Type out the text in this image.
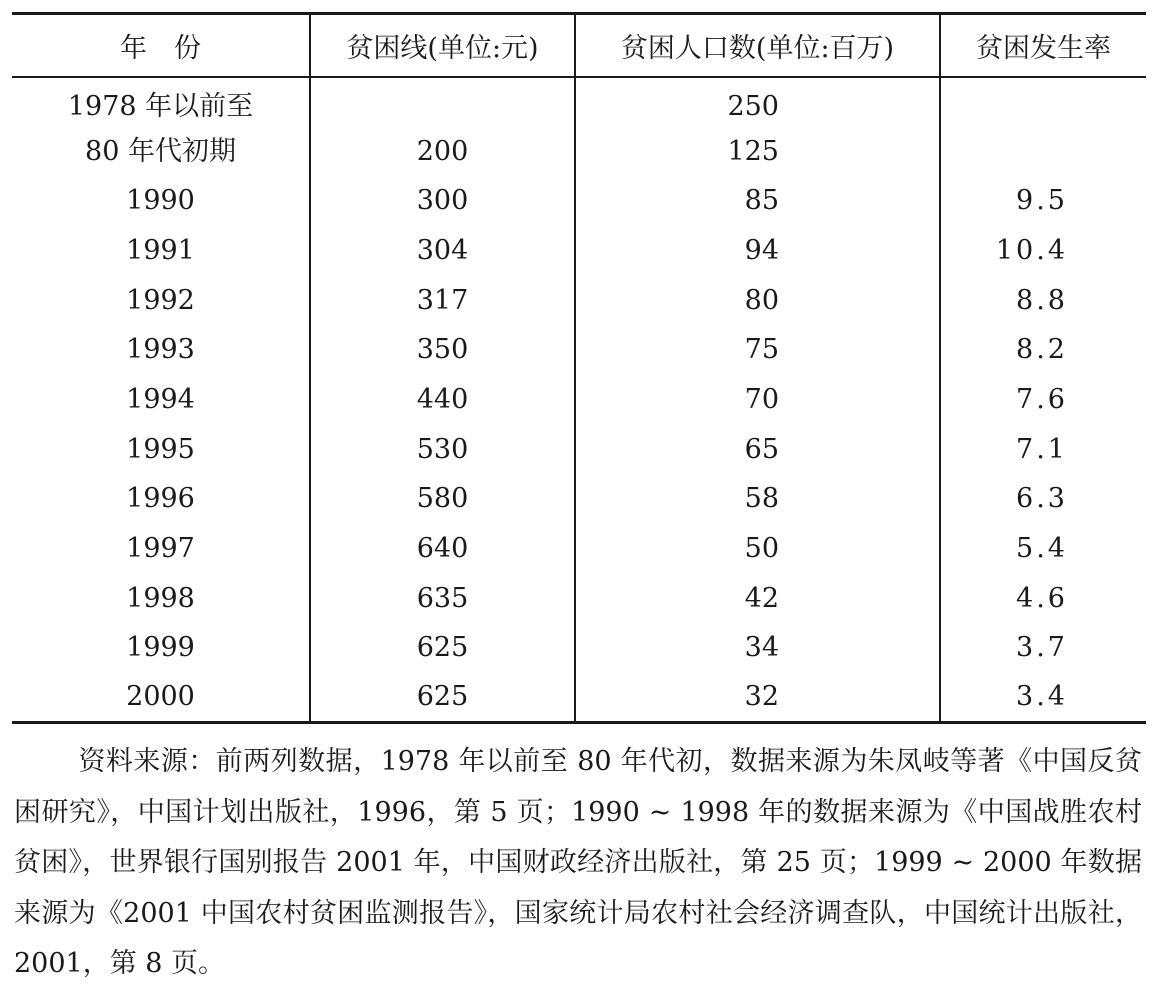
年　份	贫困线(单位:元)	贫困人口数(单位:百万)	贫困发生率
1978 年以前至		250	
80 年代初期	200	125	
1990	300	85	9.5
1991	304	94	10.4
1992	317	80	8.8
1993	350	75	8.2
1994	440	70	7.6
1995	530	65	7.1
1996	580	58	6.3
1997	640	50	5.4
1998	635	42	4.6
1999	625	34	3.7
2000	625	32	3.4

资料来源：前两列数据，1978 年以前至 80 年代初，数据来源为朱凤岐等著《中国反贫困研究》，中国计划出版社，1996，第 5 页；1990 ~ 1998 年的数据来源为《中国战胜农村贫困》，世界银行国别报告 2001 年，中国财政经济出版社，第 25 页；1999 ~ 2000 年数据来源为《2001 中国农村贫困监测报告》，国家统计局农村社会经济调查队，中国统计出版社，2001，第 8 页。
